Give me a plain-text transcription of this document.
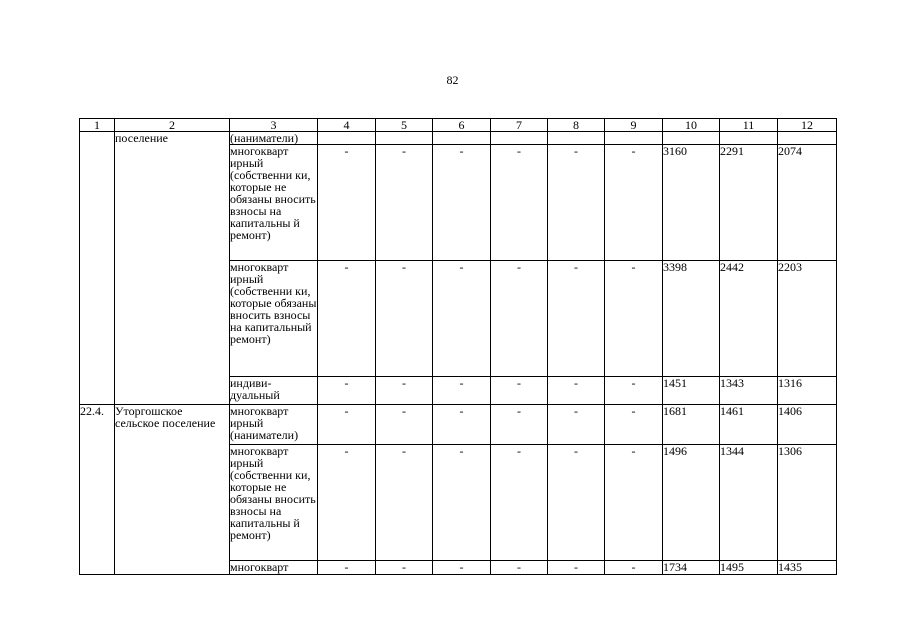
82
1	2	3	4	5	6	7	8	9	10	11	12
	поселение	(наниматели)									
		многокварт ирный (собственни ки, которые не обязаны вносить взносы на капитальны й ремонт)	-	-	-	-	-	-	3160	2291	2074
		многокварт ирный (собственни ки, которые обязаны вносить взносы на капитальный ремонт)	-	-	-	-	-	-	3398	2442	2203
		индиви- дуальный	-	-	-	-	-	-	1451	1343	1316
22.4.	Уторгошское сельское поселение	многокварт ирный (наниматели)	-	-	-	-	-	-	1681	1461	1406
		многокварт ирный (собственни ки, которые не обязаны вносить взносы на капитальны й ремонт)	-	-	-	-	-	-	1496	1344	1306
		многокварт	-	-	-	-	-	-	1734	1495	1435
